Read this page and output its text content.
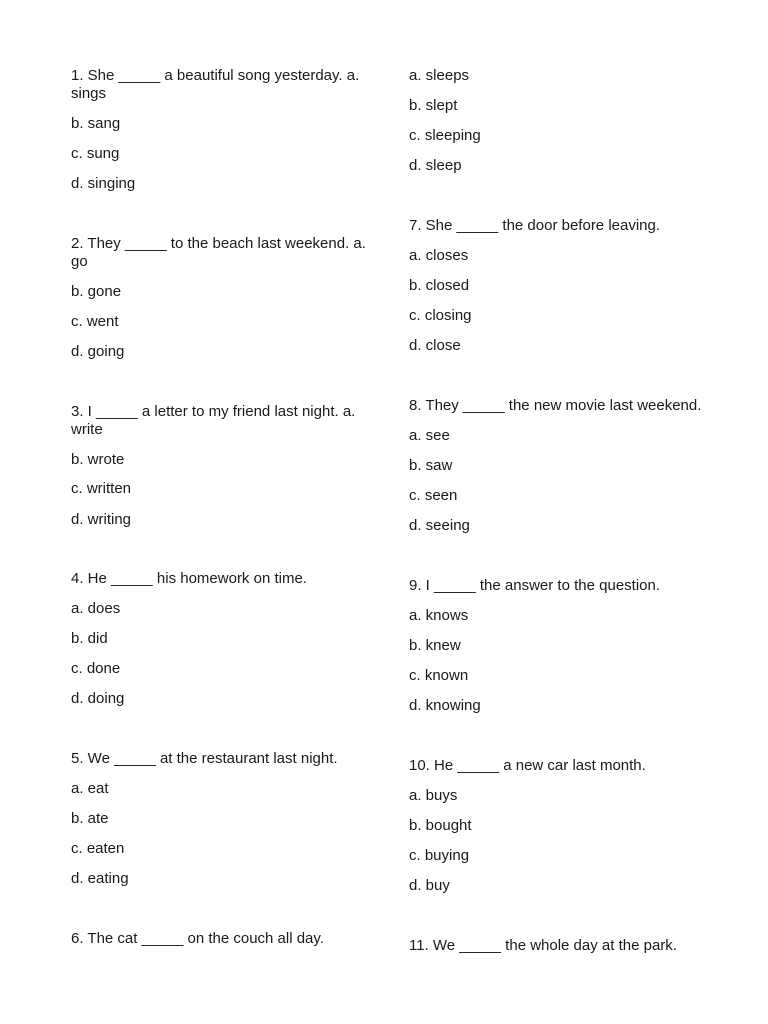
1. She _____ a beautiful song yesterday. a. sings
b. sang
c. sung
d. singing
2. They _____ to the beach last weekend. a. go
b. gone
c. went
d. going
3. I _____ a letter to my friend last night. a. write
b. wrote
c. written
d. writing
4. He _____ his homework on time.
a. does
b. did
c. done
d. doing
5. We _____ at the restaurant last night.
a. eat
b. ate
c. eaten
d. eating
6. The cat _____ on the couch all day.
a. sleeps
b. slept
c. sleeping
d. sleep
7. She _____ the door before leaving.
a. closes
b. closed
c. closing
d. close
8. They _____ the new movie last weekend.
a. see
b. saw
c. seen
d. seeing
9. I _____ the answer to the question.
a. knows
b. knew
c. known
d. knowing
10. He _____ a new car last month.
a. buys
b. bought
c. buying
d. buy
11. We _____ the whole day at the park.
